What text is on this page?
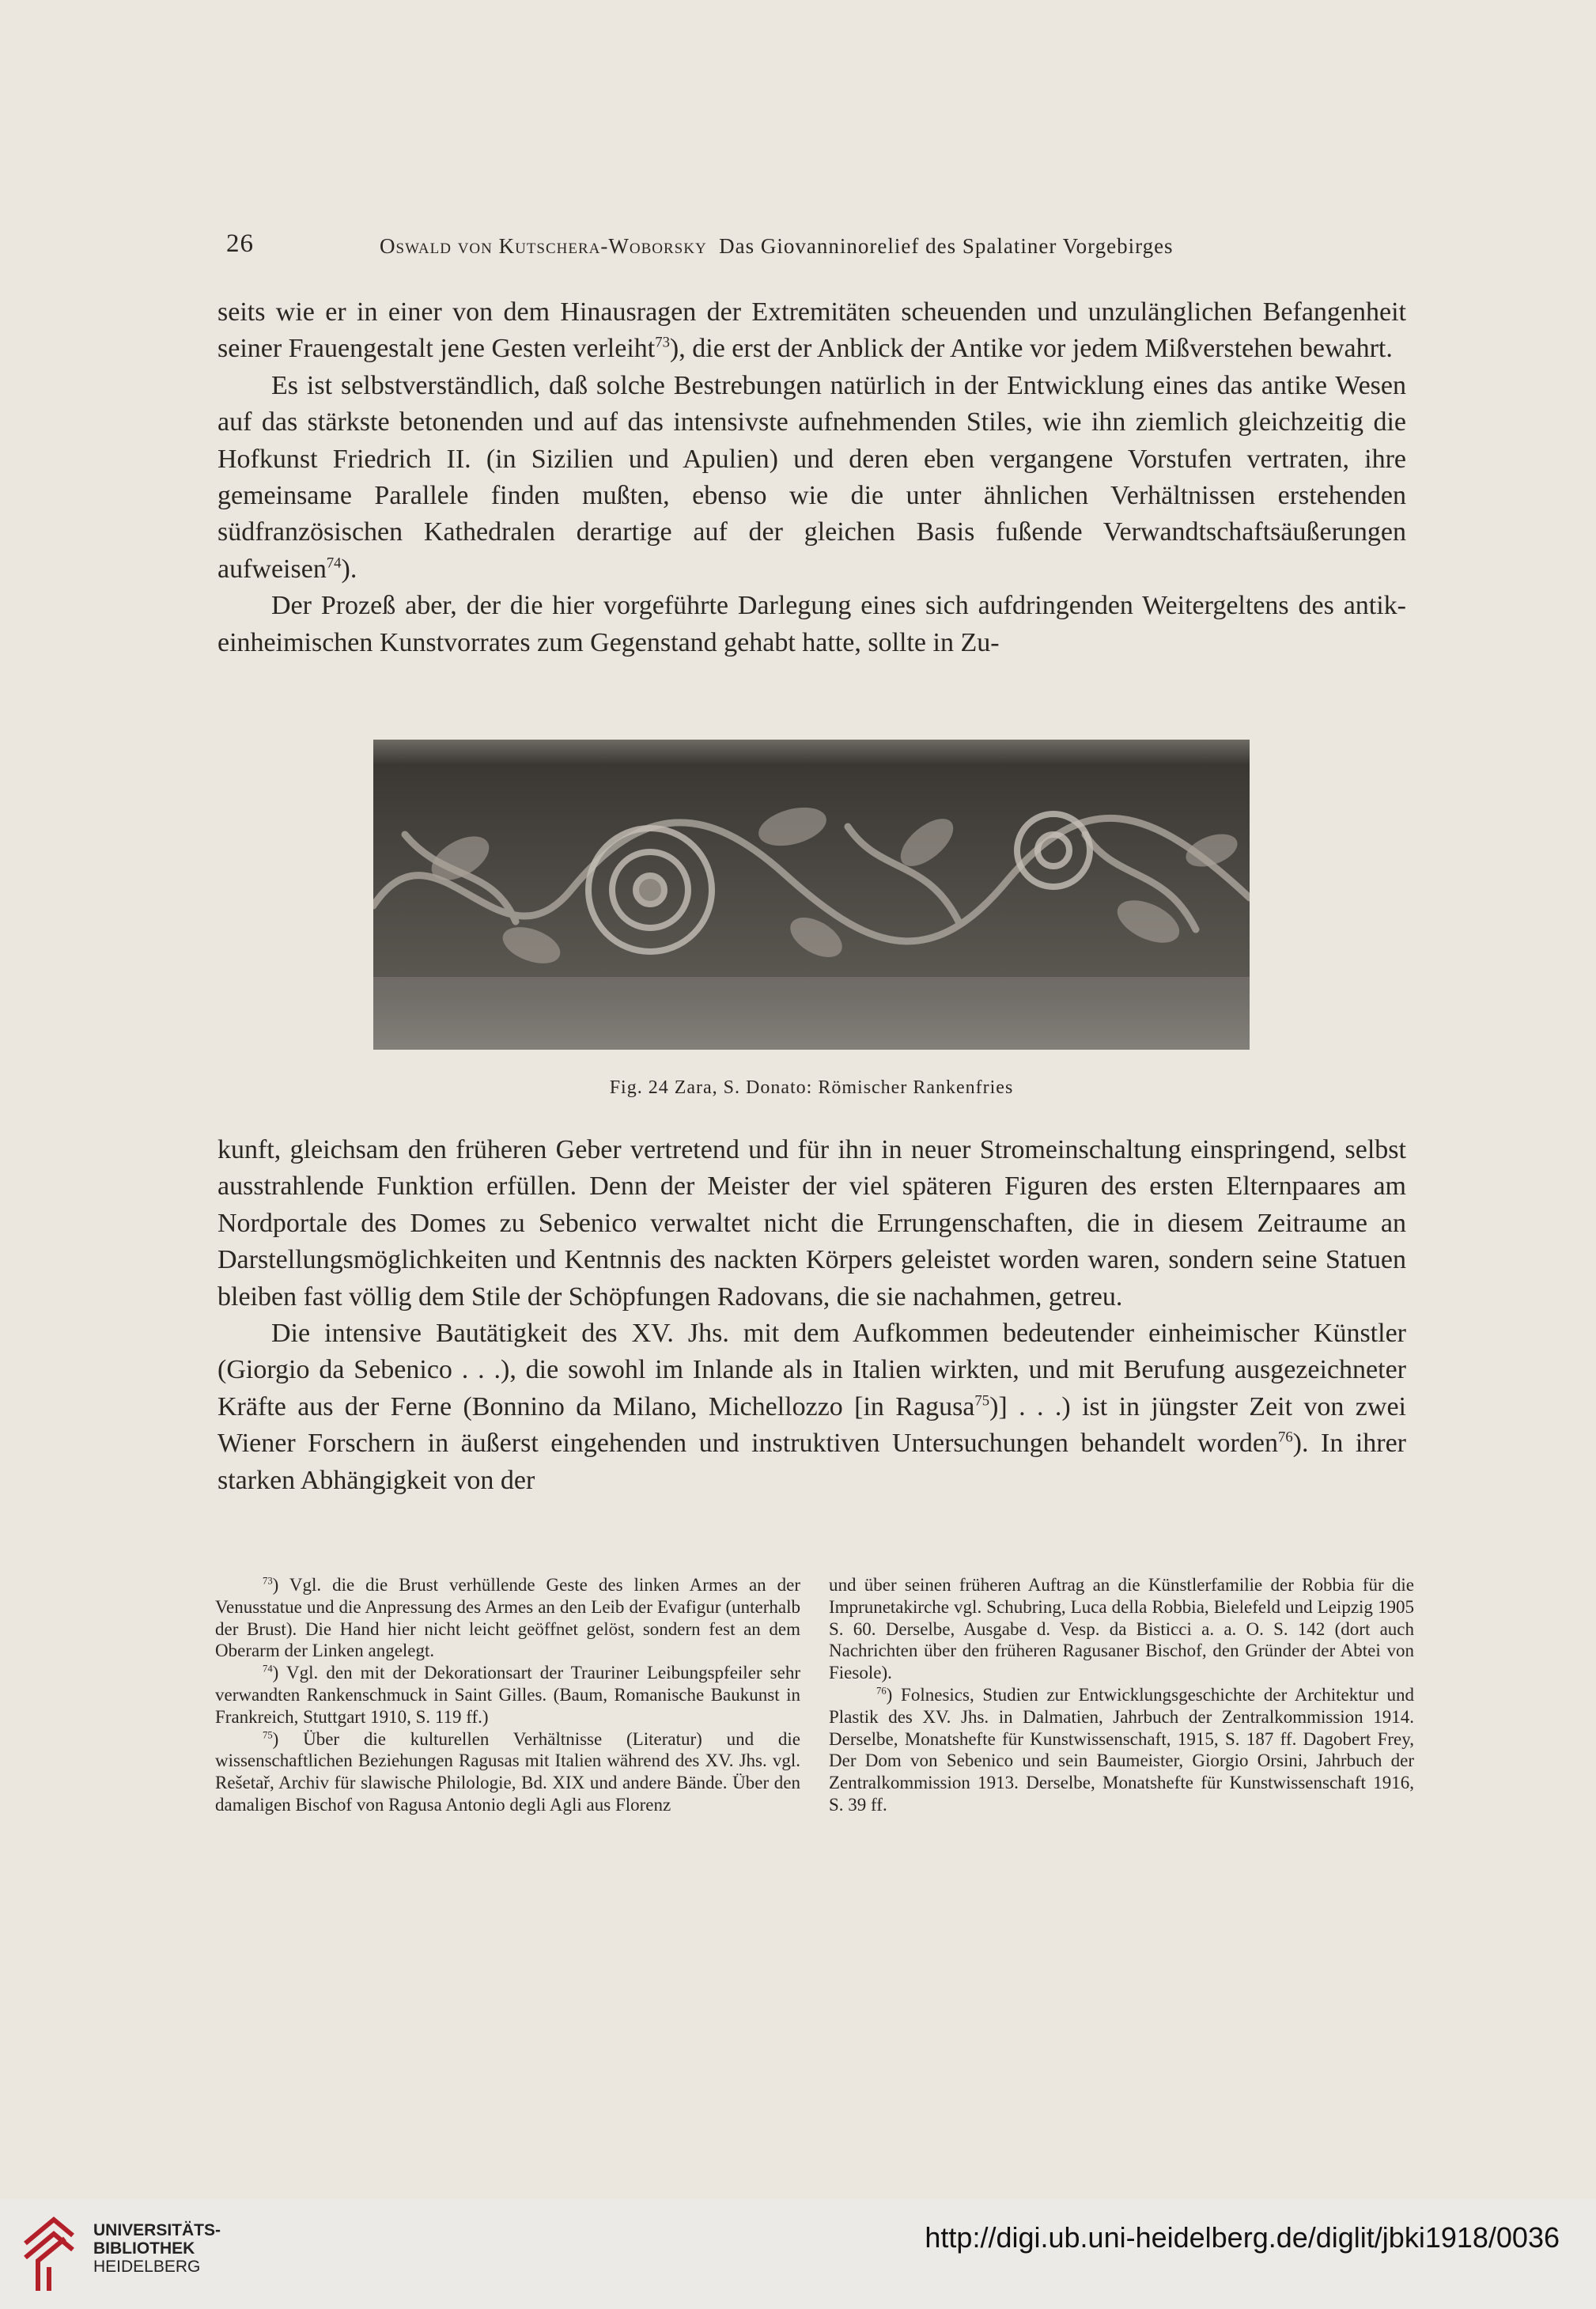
26	Oswald von Kutschera-Woborsky Das Giovanninorelief des Spalatiner Vorgebirges

seits wie er in einer von dem Hinausragen der Extremitäten scheuenden und unzulänglichen Befangenheit seiner Frauengestalt jene Gesten verleiht$^{73}$), die erst der Anblick der Antike vor jedem Mißverstehen bewahrt.

Es ist selbstverständlich, daß solche Bestrebungen natürlich in der Entwicklung eines das antike Wesen auf das stärkste betonenden und auf das intensivste aufnehmenden Stiles, wie ihn ziemlich gleichzeitig die Hofkunst Friedrich II. (in Sizilien und Apulien) und deren eben vergangene Vorstufen vertraten, ihre gemeinsame Parallele finden mußten, ebenso wie die unter ähnlichen Verhältnissen erstehenden südfranzösischen Kathedralen derartige auf der gleichen Basis fußende Verwandtschaftsäußerungen aufweisen$^{74}$).

Der Prozeß aber, der die hier vorgeführte Darlegung eines sich aufdringenden Weitergeltens des antik-einheimischen Kunstvorrates zum Gegenstand gehabt hatte, sollte in Zu-

Fig. 24 Zara, S. Donato: Römischer Rankenfries

kunft, gleichsam den früheren Geber vertretend und für ihn in neuer Stromeinschaltung einspringend, selbst ausstrahlende Funktion erfüllen. Denn der Meister der viel späteren Figuren des ersten Elternpaares am Nordportale des Domes zu Sebenico verwaltet nicht die Errungenschaften, die in diesem Zeitraume an Darstellungsmöglichkeiten und Kentnnis des nackten Körpers geleistet worden waren, sondern seine Statuen bleiben fast völlig dem Stile der Schöpfungen Radovans, die sie nachahmen, getreu.

Die intensive Bautätigkeit des XV. Jhs. mit dem Aufkommen bedeutender einheimischer Künstler (Giorgio da Sebenico . . .), die sowohl im Inlande als in Italien wirkten, und mit Berufung ausgezeichneter Kräfte aus der Ferne (Bonnino da Milano, Michellozzo [in Ragusa$^{75}$)] . . .) ist in jüngster Zeit von zwei Wiener Forschern in äußerst eingehenden und instruktiven Untersuchungen behandelt worden$^{76}$). In ihrer starken Abhängigkeit von der

$^{73}$) Vgl. die die Brust verhüllende Geste des linken Armes an der Venusstatue und die Anpressung des Armes an den Leib der Evafigur (unterhalb der Brust). Die Hand hier nicht leicht geöffnet gelöst, sondern fest an dem Oberarm der Linken angelegt.

$^{74}$) Vgl. den mit der Dekorationsart der Trauriner Leibungspfeiler sehr verwandten Rankenschmuck in Saint Gilles. (Baum, Romanische Baukunst in Frankreich, Stuttgart 1910, S. 119 ff.)

$^{75}$) Über die kulturellen Verhältnisse (Literatur) und die wissenschaftlichen Beziehungen Ragusas mit Italien während des XV. Jhs. vgl. Rešetař, Archiv für slawische Philologie, Bd. XIX und andere Bände. Über den damaligen Bischof von Ragusa Antonio degli Agli aus Florenz

und über seinen früheren Auftrag an die Künstlerfamilie der Robbia für die Imprunetakirche vgl. Schubring, Luca della Robbia, Bielefeld und Leipzig 1905 S. 60. Derselbe, Ausgabe d. Vesp. da Bisticci a. a. O. S. 142 (dort auch Nachrichten über den früheren Ragusaner Bischof, den Gründer der Abtei von Fiesole).

$^{76}$) Folnesics, Studien zur Entwicklungsgeschichte der Architektur und Plastik des XV. Jhs. in Dalmatien, Jahrbuch der Zentralkommission 1914. Derselbe, Monatshefte für Kunstwissenschaft, 1915, S. 187 ff. Dagobert Frey, Der Dom von Sebenico und sein Baumeister, Giorgio Orsini, Jahrbuch der Zentralkommission 1913. Derselbe, Monatshefte für Kunstwissenschaft 1916, S. 39 ff.

UNIVERSITÄTS-
BIBLIOTHEK
HEIDELBERG
http://digi.ub.uni-heidelberg.de/diglit/jbki1918/0036
